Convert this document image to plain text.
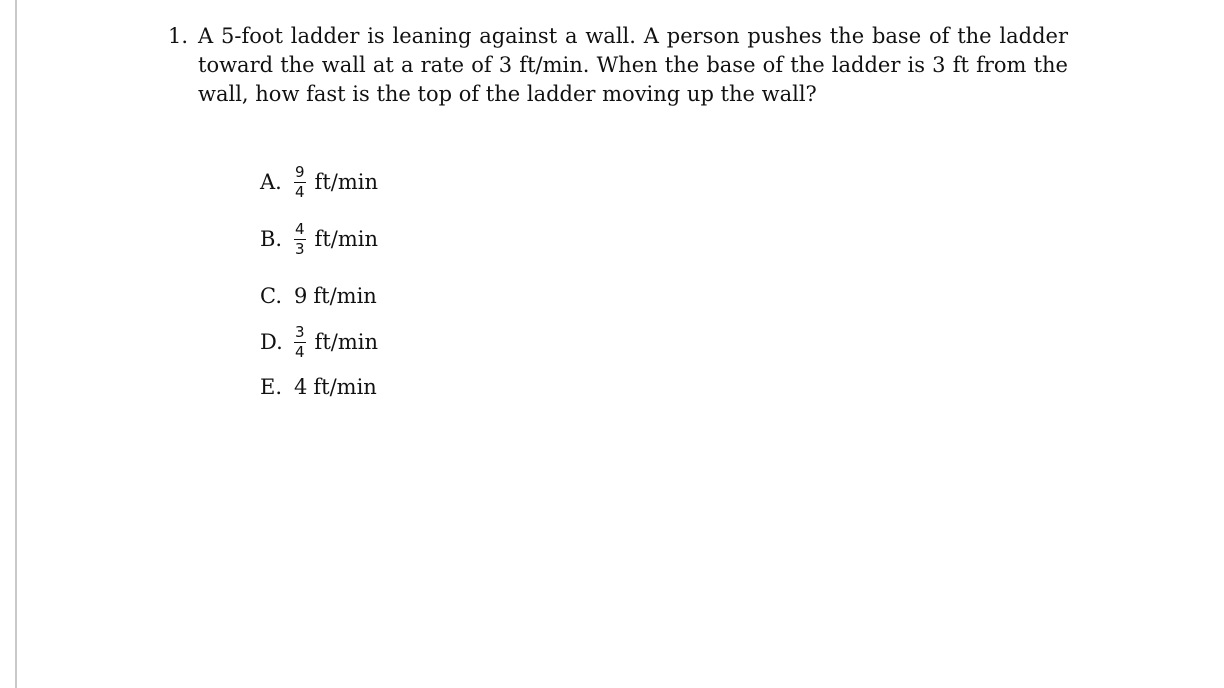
1. A 5-foot ladder is leaning against a wall. A person pushes the base of the ladder toward the wall at a rate of 3 ft/min. When the base of the ladder is 3 ft from the wall, how fast is the top of the ladder moving up the wall?
A. $\frac{9}{4} ft/\min$
B. $\frac{4}{3} ft/\min$
C. 9 ft/min
D. $\frac{3}{4} ft/\min$
E. 4 ft/min
